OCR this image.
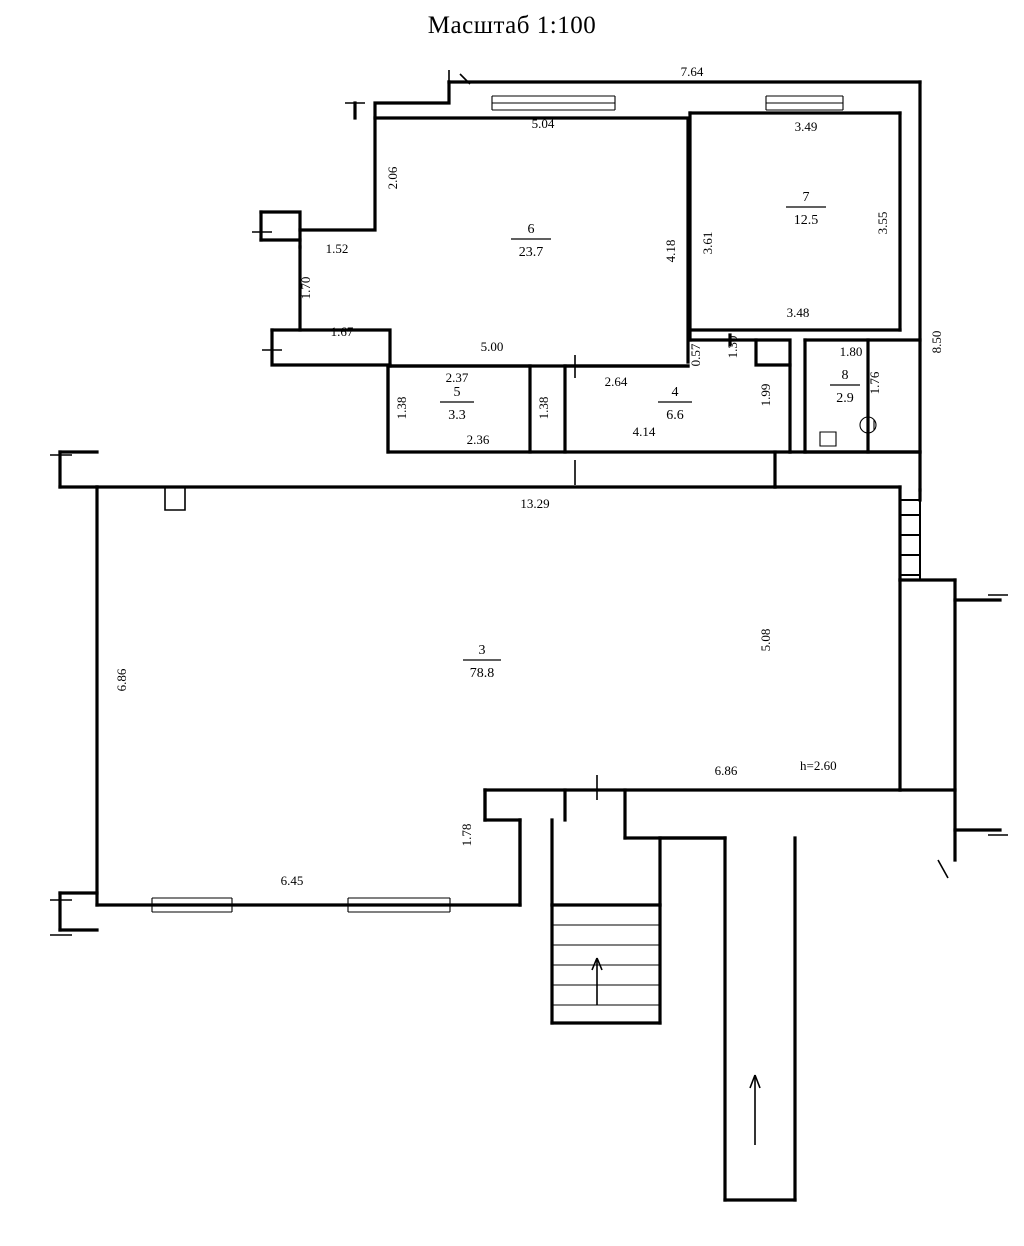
Масштаб 1:100
3
78.8
4
6.6
5
3.3
6
23.7
7
12.5
8
2.9
7.64
5.04	3.49
2.06
1.52
1.70
1.67
4.18 3.61
3.55
8.50
3.48
0.57 1.30	1.80
1.76
1.99
5.00
2.37	2.64
1.38	1.38
2.36
4.14
13.29
5.08
6.86
6.86
1.78
6.45
h=2.60
